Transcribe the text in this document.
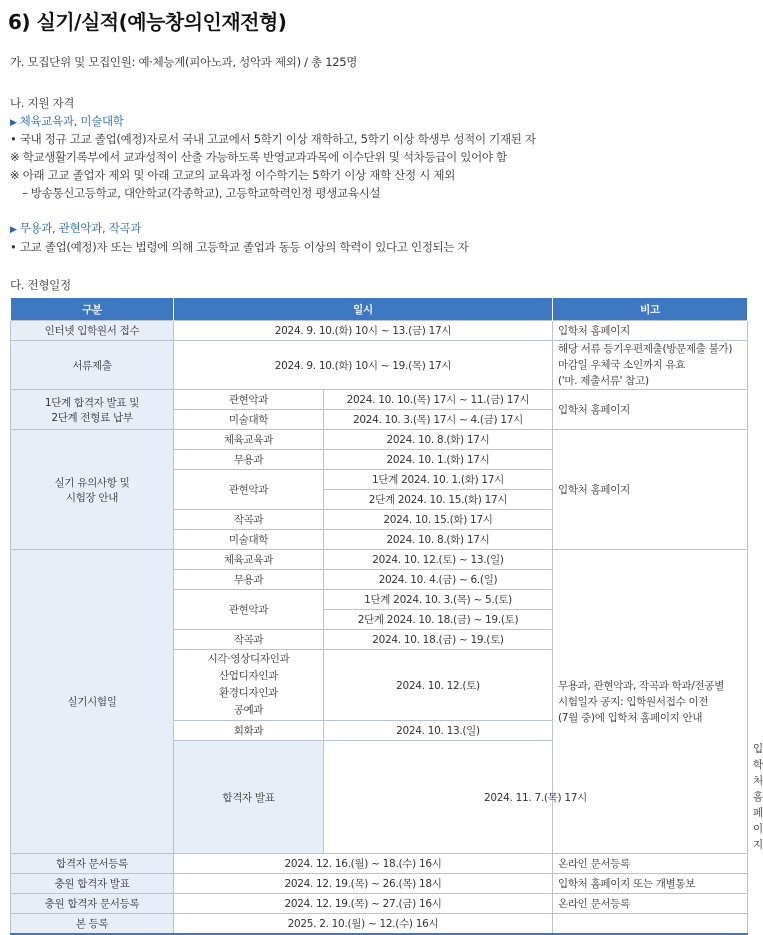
6) 실기/실적(예능창의인재전형)
가. 모집단위 및 모집인원: 예·체능계(피아노과, 성악과 제외) / 총 125명
나. 지원 자격
▶ 체육교육과, 미술대학
• 국내 정규 고교 졸업(예정)자로서 국내 고교에서 5학기 이상 재학하고, 5학기 이상 학생부 성적이 기재된 자
※ 학교생활기록부에서 교과성적이 산출 가능하도록 반영교과과목에 이수단위 및 석차등급이 있어야 함
※ 아래 고교 졸업자 제외 및 아래 고교의 교육과정 이수학기는 5학기 이상 재학 산정 시 제외
– 방송통신고등학교, 대안학교(각종학교), 고등학교학력인정 평생교육시설
▶ 무용과, 관현악과, 작곡과
• 고교 졸업(예정)자 또는 법령에 의해 고등학교 졸업과 동등 이상의 학력이 있다고 인정되는 자
다. 전형일정
구분	일시		비고	
인터넷 입학원서 접수	2024. 9. 10.(화) 10시 ~ 13.(금) 17시		입학처 홈페이지	
서류제출	2024. 9. 10.(화) 10시 ~ 19.(목) 17시		해당 서류 등기우편제출(방문제출 불가)
마감일 우체국 소인까지 유효
('마. 제출서류' 참고)	

1단계 합격자 발표 및
2단계 전형료 납부	관현악과	2024. 10. 10.(목) 17시 ~ 11.(금) 17시	입학처 홈페이지	
	미술대학	2024. 10. 3.(목) 17시 ~ 4.(금) 17시		

실기 유의사항 및
시험장 안내	체육교육과	2024. 10. 8.(화) 17시	입학처 홈페이지	
	무용과	2024. 10. 1.(화) 17시		
	관현악과	1단계 2024. 10. 1.(화) 17시		
		2단계 2024. 10. 15.(화) 17시		
	작곡과	2024. 10. 15.(화) 17시		
	미술대학	2024. 10. 8.(화) 17시		
실기시험일	체육교육과	2024. 10. 12.(토) ~ 13.(일)	무용과, 관현악과, 작곡과 학과/전공별
시험일자 공지: 입학원서접수 이전
(7월 중)에 입학처 홈페이지 안내	

	무용과	2024. 10. 4.(금) ~ 6.(일)		
	관현악과	1단계 2024. 10. 3.(목) ~ 5.(토)		
		2단계 2024. 10. 18.(금) ~ 19.(토)		
	작곡과	2024. 10. 18.(금) ~ 19.(토)		

	시각·영상디자인과
산업디자인과
환경디자인과
공예과	2024. 10. 12.(토)		
	회화과	2024. 10. 13.(일)		
	합격자 발표	2024. 11. 7.(목) 17시		입학처 홈페이지
합격자 문서등록	2024. 12. 16.(월) ~ 18.(수) 16시		온라인 문서등록	
충원 합격자 발표	2024. 12. 19.(목) ~ 26.(목) 18시		입학처 홈페이지 또는 개별통보	
충원 합격자 문서등록	2024. 12. 19.(목) ~ 27.(금) 16시		온라인 문서등록	
본 등록	2025. 2. 10.(월) ~ 12.(수) 16시			
